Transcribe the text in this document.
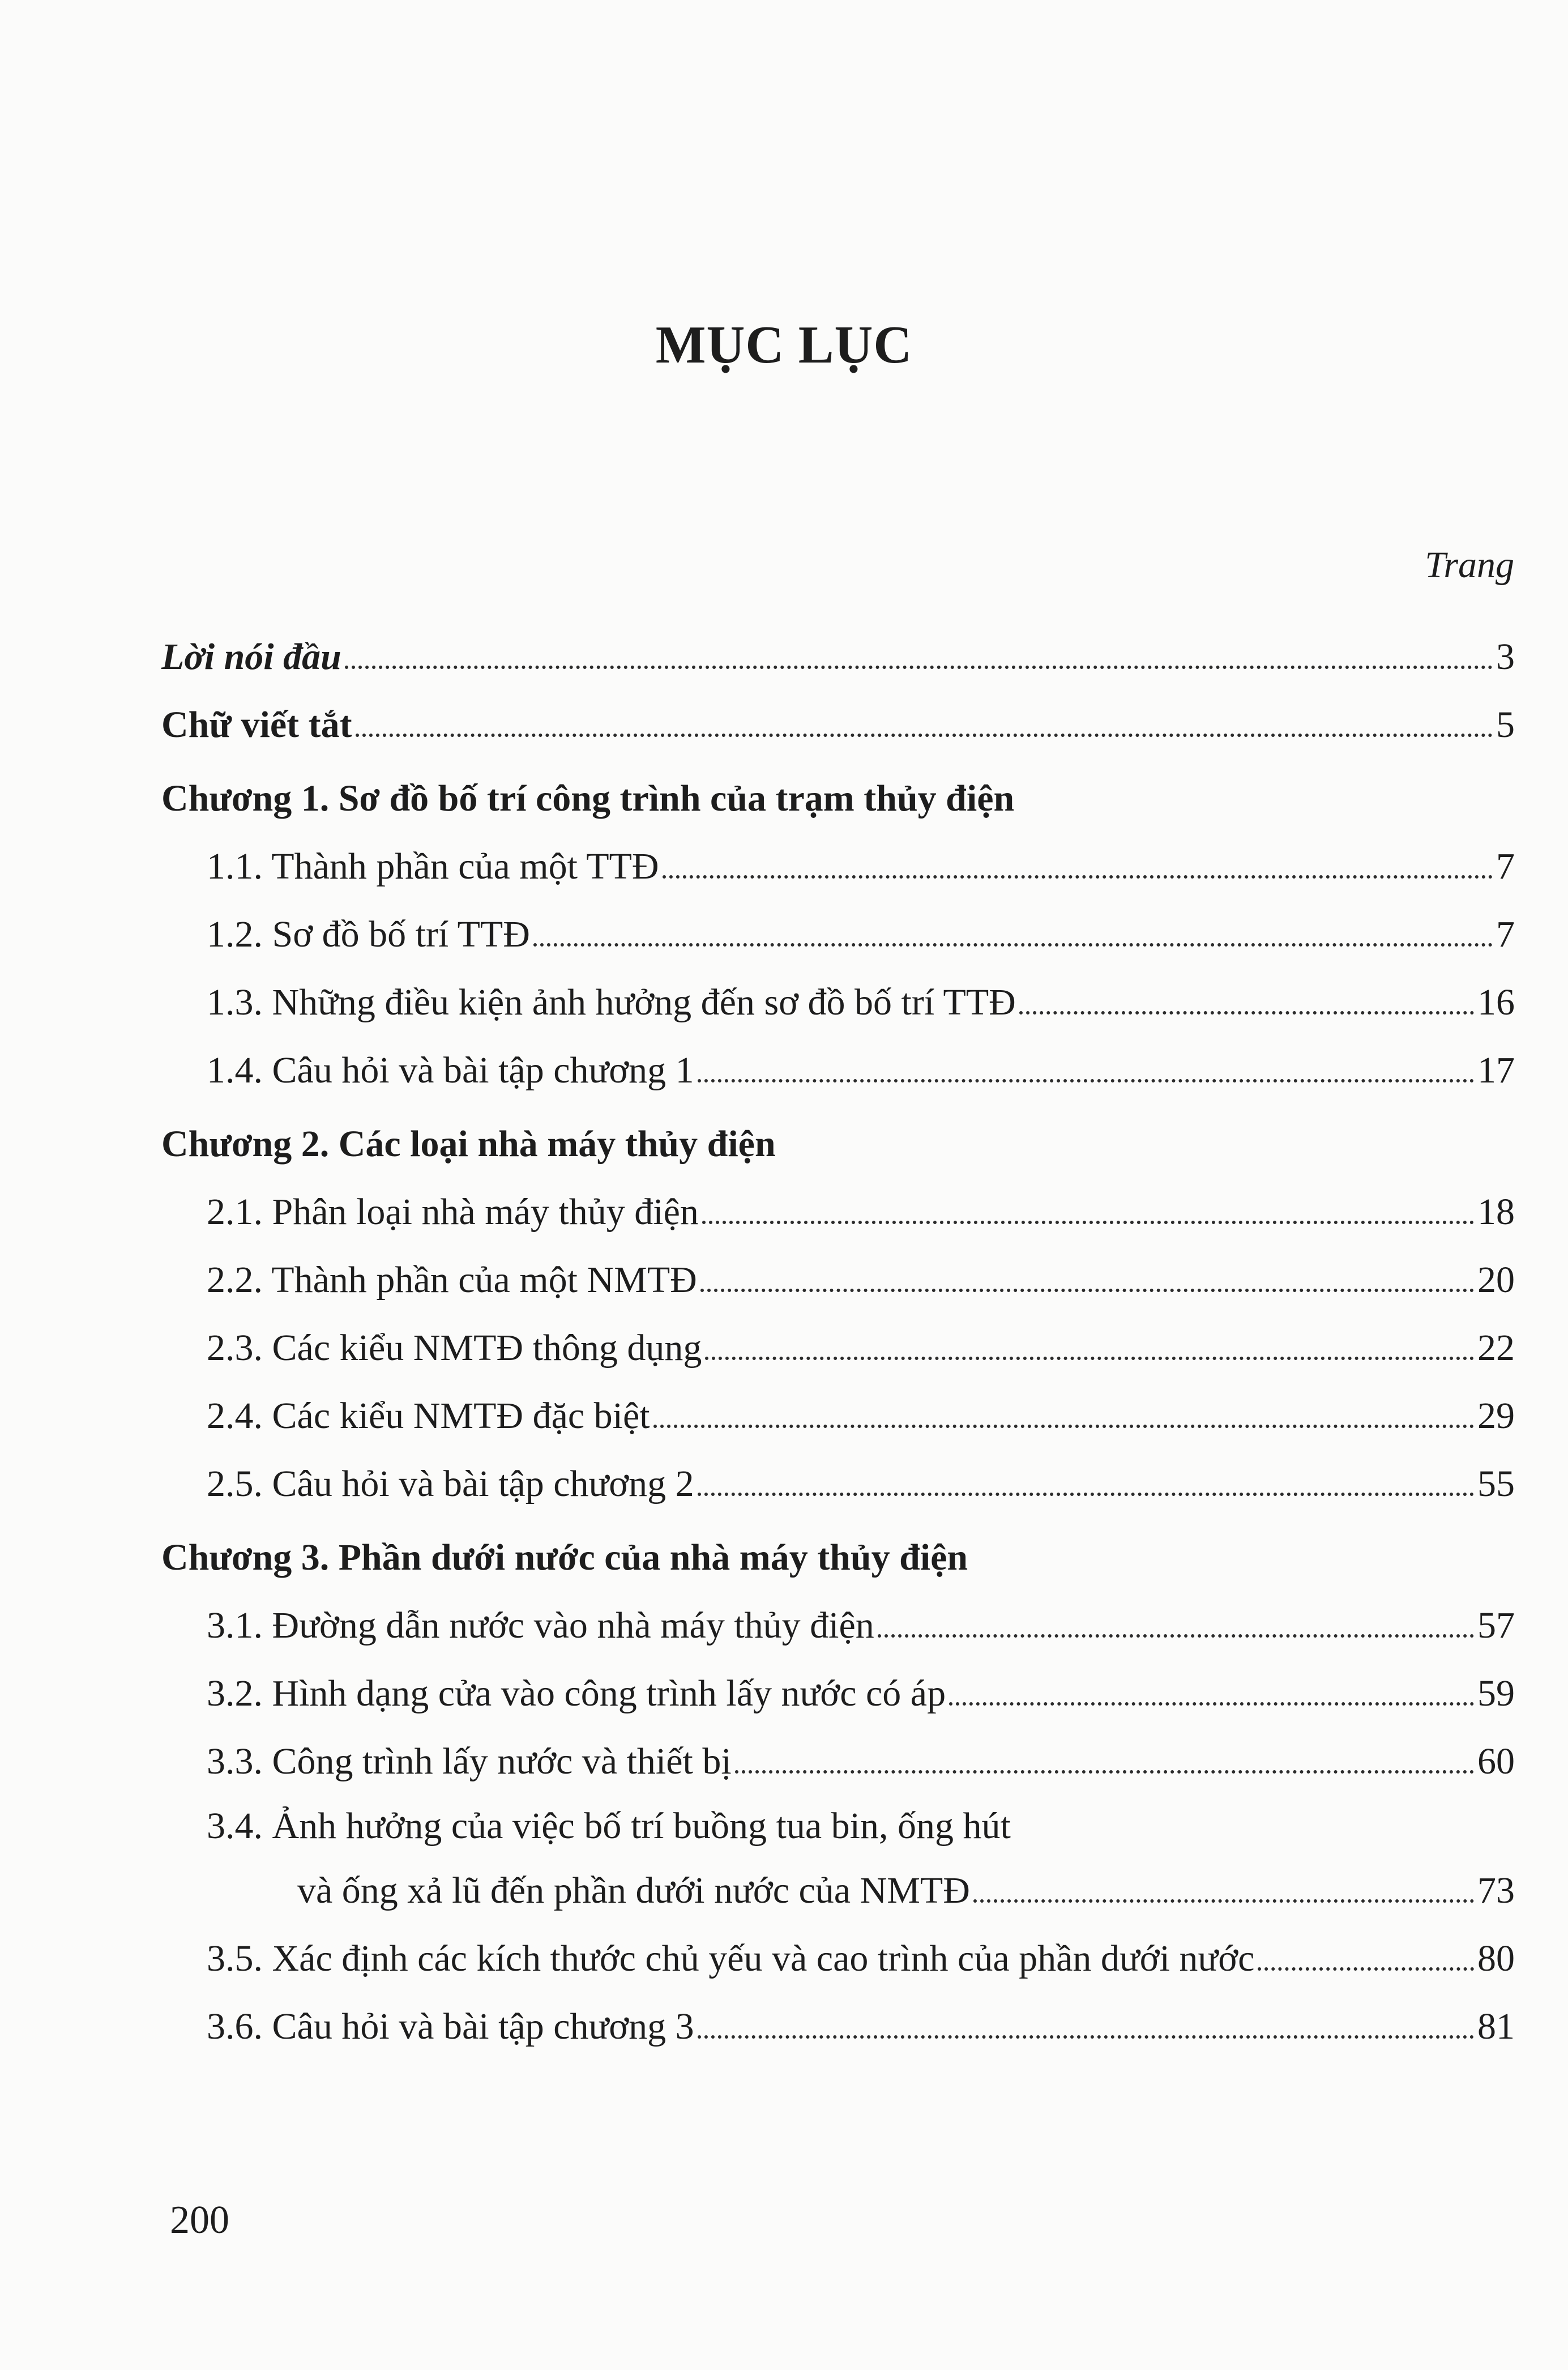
MỤC LỤC
Trang
Lời nói đầu	3
Chữ viết tắt	5
Chương 1. Sơ đồ bố trí công trình của trạm thủy điện
1.1. Thành phần của một TTĐ	7
1.2. Sơ đồ bố trí TTĐ	7
1.3. Những điều kiện ảnh hưởng đến sơ đồ bố trí TTĐ	16
1.4. Câu hỏi và bài tập chương 1	17
Chương 2. Các loại nhà máy thủy điện
2.1. Phân loại nhà máy thủy điện	18
2.2. Thành phần của một NMTĐ	20
2.3. Các kiểu NMTĐ thông dụng	22
2.4. Các kiểu NMTĐ đặc biệt	29
2.5. Câu hỏi và bài tập chương 2	55
Chương 3. Phần dưới nước của nhà máy thủy điện
3.1. Đường dẫn nước vào nhà máy thủy điện	57
3.2. Hình dạng cửa vào công trình lấy nước có áp	59
3.3. Công trình lấy nước và thiết bị	60
3.4. Ảnh hưởng của việc bố trí buồng tua bin, ống hút
và ống xả lũ đến phần dưới nước của NMTĐ	73
3.5. Xác định các kích thước chủ yếu và cao trình của phần dưới nước	80
3.6. Câu hỏi và bài tập chương 3	81
200
